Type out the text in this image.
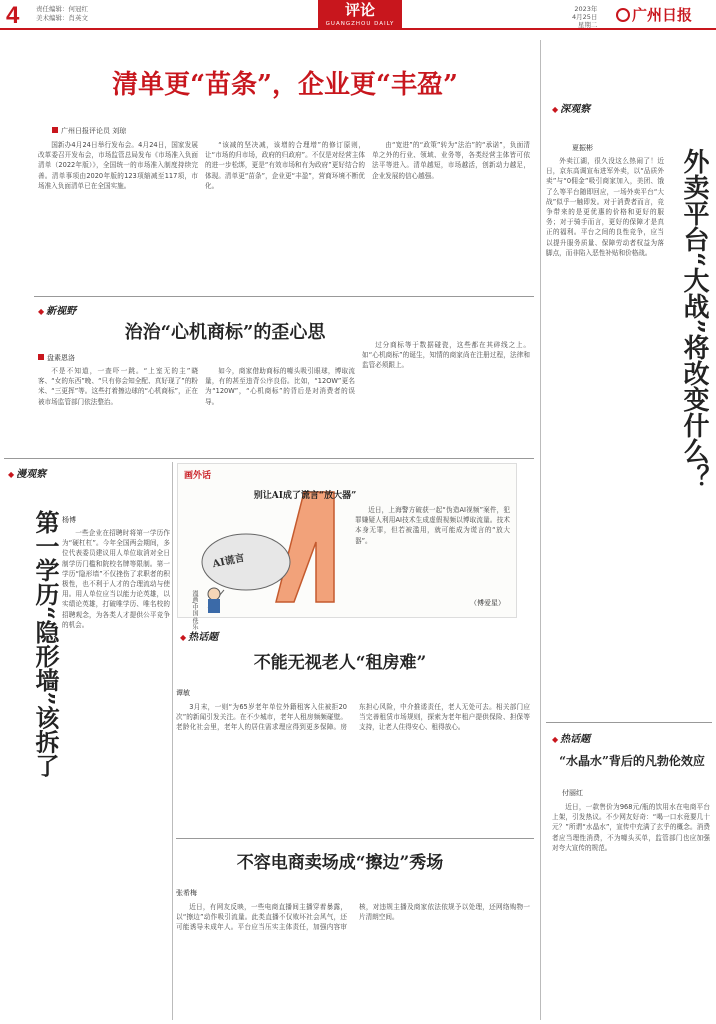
4	责任编辑：何冠红
美术编辑：肖英文	评论
GUANGZHOU DAILY
2023年
4月25日
星期二
广州日报
清单更“苗条”，企业更“丰盈”
广州日报评论员 刘琼

国新办4月24日举行发布会。4月24日，国家发展改革委召开发布会，市场监管总局发布《市场准入负面清单（2022年版）》，全国统一的市场准入制度持续完善。清单事项由2020年版的123项缩减至117项，市场准入负面清单已在全国实施。

“该减的坚决减，该增的合理增”的修订原则，让“市场的归市场，政府的归政府”。不仅是对经营主体的进一步松绑，更是“有效市场和有为政府”更好结合的体现。清单更“苗条”，企业更“丰盈”，营商环境不断优化。

由“宽进”的“政策”转为“法治”的“承诺”，负面清单之外的行业、领域、业务等，各类经营主体皆可依法平等进入。清单越短，市场越活，创新动力越足，企业发展的信心越强。

◆ 新视野
治治“心机商标”的歪心思
盘素恩洛

不是不知道，一查吓一跳。“上室无的主”晓客、“女的东西”晚、“只有你会知全配、真好现了”的粉米、“三更挥”等。这些打着擦边球的“心机商标”，正在被市场监管部门依法整治。

如今，商家借助商标的噱头吸引眼球，博取流量，有的甚至违背公序良俗。比如，“12OW”更名为“120W”，“心机商标”的背后是对消费者的误导。

过分商标等于数据碰瓷，这些都在其碎线之上。如“心机商标”的诞生，知情的商家尚在注册过程，法律和监管必须跟上。

◆ 漫观察
第一学历“隐形墙”该拆了 杨博

一些企业在招聘时将第一学历作为“硬杠杠”。今年全国两会期间，多位代表委员建议用人单位取消对全日制学历门槛和院校名牌等限制。第一学历“隐形墙”不仅挫伤了求职者的积极性，也不利于人才的合理流动与使用。用人单位应当以能力论英雄，以实绩论英雄，打破唯学历、唯名校的招聘观念，为各类人才提供公平竞争的机会。

画外话
AI谎言
别让AI成了谎言“放大器”

近日，上海警方破获一起“伪造AI视频”案件，犯罪嫌疑人利用AI技术生成虚假视频以博取流量。技术本身无罪，但若被滥用，就可能成为谎言的“放大器”。

（傅爱星）
漫画/中国 佚乐
◆ 热话题
不能无视老人“租房难”
谭敏

3月末，一则“为65岁老年单位外籍租客入住被拒20次”的新闻引发关注。在不少城市，老年人租房频频碰壁。老龄化社会里，老年人的居住需求理应得到更多保障。房东担心风险，中介推诿责任，老人无处可去。相关部门应当完善租赁市场规则，探索为老年租户提供保险、担保等支持，让老人住得安心、租得放心。

不容电商卖场成“擦边”秀场
张希梅

近日，有网友反映，一些电商直播间主播穿着暴露，以“擦边”动作吸引流量。此类直播不仅败坏社会风气，还可能诱导未成年人。平台应当压实主体责任，加强内容审核，对违规主播及商家依法依规予以处理，还网络购物一片清朗空间。

◆ 深观察
外卖平台“大战”将改变什么？
夏振彬

外卖江湖，很久没这么热闹了！近日，京东高调宣布进军外卖，以“品质外卖”与“0佣金”吸引商家加入，美团、饿了么等平台随即回应，一场外卖平台“大战”似乎一触即发。对于消费者而言，竞争带来的是更优惠的价格和更好的服务；对于骑手而言，更好的保障才是真正的福利。平台之间的良性竞争，应当以提升服务质量、保障劳动者权益为落脚点，而非陷入恶性补贴和价格战。

◆ 热话题
“水晶水”背后的凡勃伦效应
付丽红

近日，一款售价为968元/瓶的饮用水在电商平台上架，引发热议。不少网友好奇：“喝一口水竟要几十元？”所谓“水晶水”，宣传中充满了玄乎的概念。消费者应当理性消费，不为噱头买单，监管部门也应加强对夸大宣传的规范。
